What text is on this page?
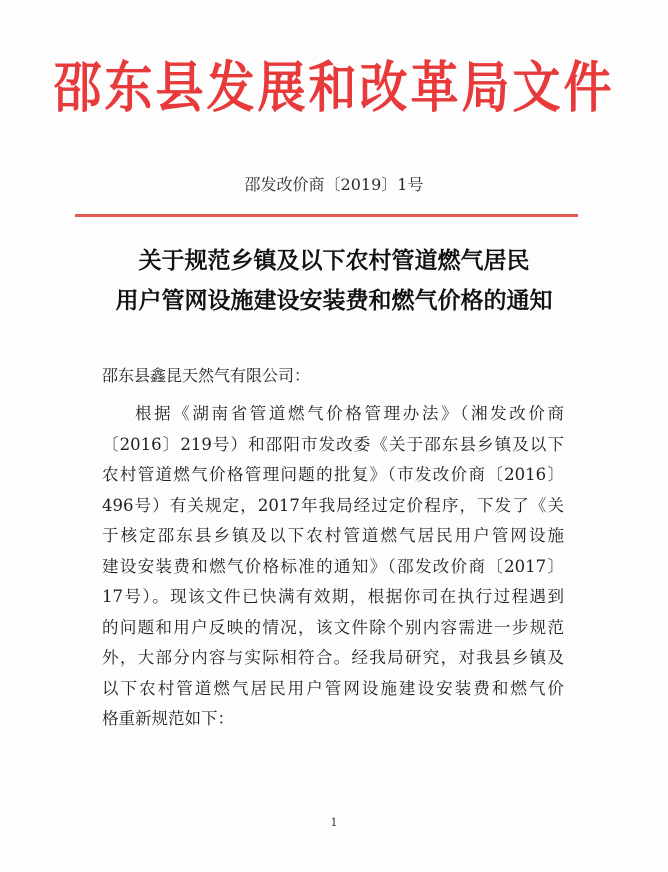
邵东县发展和改革局文件
邵发改价商〔2019〕1号
关于规范乡镇及以下农村管道燃气居民
用户管网设施建设安装费和燃气价格的通知
邵东县鑫昆天然气有限公司：
根据《湖南省管道燃气价格管理办法》（湘发改价商
〔2016〕219号）和邵阳市发改委《关于邵东县乡镇及以下
农村管道燃气价格管理问题的批复》（市发改价商〔2016〕
496号）有关规定，2017年我局经过定价程序，下发了《关
于核定邵东县乡镇及以下农村管道燃气居民用户管网设施
建设安装费和燃气价格标准的通知》（邵发改价商〔2017〕
17号）。现该文件已快满有效期，根据你司在执行过程遇到
的问题和用户反映的情况，该文件除个别内容需进一步规范
外，大部分内容与实际相符合。经我局研究，对我县乡镇及
以下农村管道燃气居民用户管网设施建设安装费和燃气价
格重新规范如下：
1
